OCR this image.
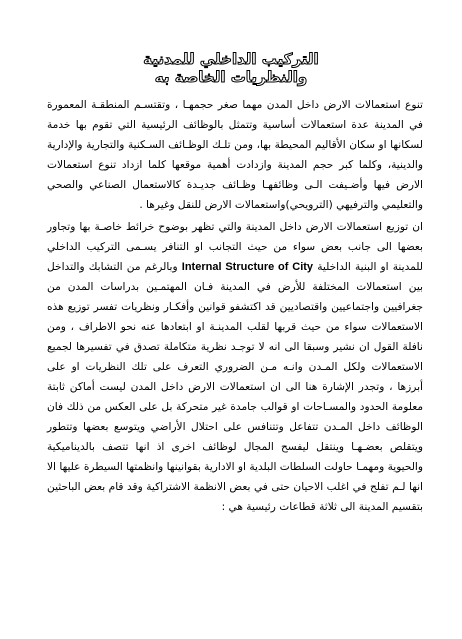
التركيب الداخلي للمدنية
والنظريات الخاصة به

تنوع استعمالات الارض داخل المدن مهما صغر حجمهـا ، وتقتسـم المنطقـة المعمورة في المدينة عدة استعمالات أساسية وتتمثل بالوظائف الرئيسية التي تقوم بها خدمة لسكانها او سكان الأقاليم المحيطة بها، ومن تلـك الوظـائف السـكنية والتجارية والإدارية والدينية، وكلما كبر حجم المدينة وازدادت أهمية موقعها كلما ازداد تنوع استعمالات الارض فيها وأضـيفت الـى وظائفهـا وظـائف جديـدة كالاستعمال الصناعي والصحي والتعليمي والترفيهي (الترويحي)واستعمالات الارض للنقل وغيرها .

ان توزيع استعمالات الارض داخل المدينة والتي تظهر بوضوح خرائط خاصـة بها وتجاور بعضها الى جانب بعض سواء من حيث التجانب او التنافر يسـمى التركيب الداخلي للمدينة او البنية الداخلية Internal Structure of City وبالرغم من التشابك والتداخل بين استعمالات المختلفة للأرض في المدينة فـان المهتمـين بدراسات المدن من جغرافيين واجتماعيين واقتصاديين قد اكتشفو قوانين وأفكـار ونظريات تفسر توزيع هذه الاستعمالات سواء من حيث قربها لقلب المدينـة او ابتعادها عنه نحو الاطراف ، ومن نافلة القول ان نشير وسبقا الى انه لا توجـد نظرية متكاملة تصدق في تفسيرها لجميع الاستعمالات ولكل المـدن وانـه مـن الضروري التعرف على تلك النظريات او على أبرزها ، وتجدر الإشارة هنا الى ان استعمالات الارض داخل المدن ليست أماكن ثابتة معلومة الحدود والمسـاحات او قوالب جامدة غير متحركة بل على العكس من ذلك فان الوظائف داخل المـدن تتفاعل وتتنافس على احتلال الأراضي ويتوسع بعضها وتتطور ويتقلص بعضـهـا وينتقل ليفسح المجال لوظائف اخرى اذ انها تتصف بالديناميكية والحيوية ومهمـا حاولت السلطات البلدية او الادارية بقوانينها وانظمتها السيطرة عليها الا انها لـم تفلح في اغلب الاحيان حتى في بعض الانظمة الاشتراكية وقد قام بعض الباحثين بتقسيم المدينة الى ثلاثة قطاعات رئيسية هي :
